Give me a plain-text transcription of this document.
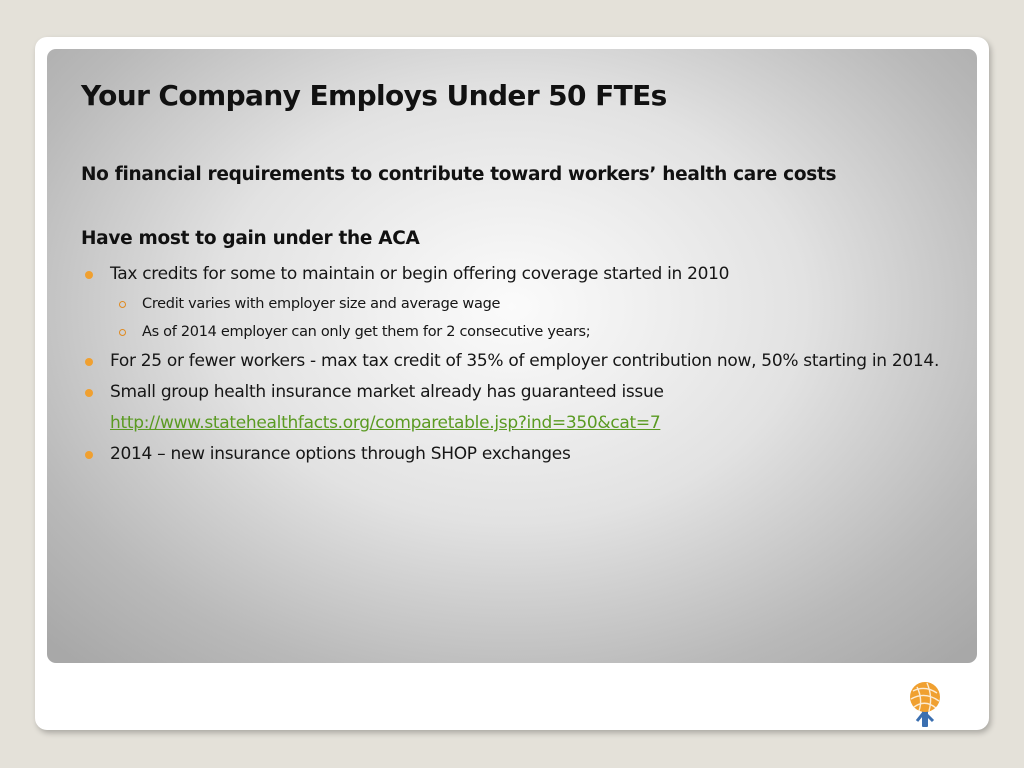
Your Company Employs Under 50 FTEs

No financial requirements to contribute toward workers’ health care costs

Have most to gain under the ACA

Tax credits for some to maintain or begin offering coverage started in 2010
Credit varies with employer size and average wage
As of 2014 employer can only get them for 2 consecutive years;
For 25 or fewer workers - max tax credit of 35% of employer contribution now, 50% starting in 2014.
Small group health insurance market already has guaranteed issue
http://www.statehealthfacts.org/comparetable.jsp?ind=350&cat=7
2014 – new insurance options through SHOP exchanges
